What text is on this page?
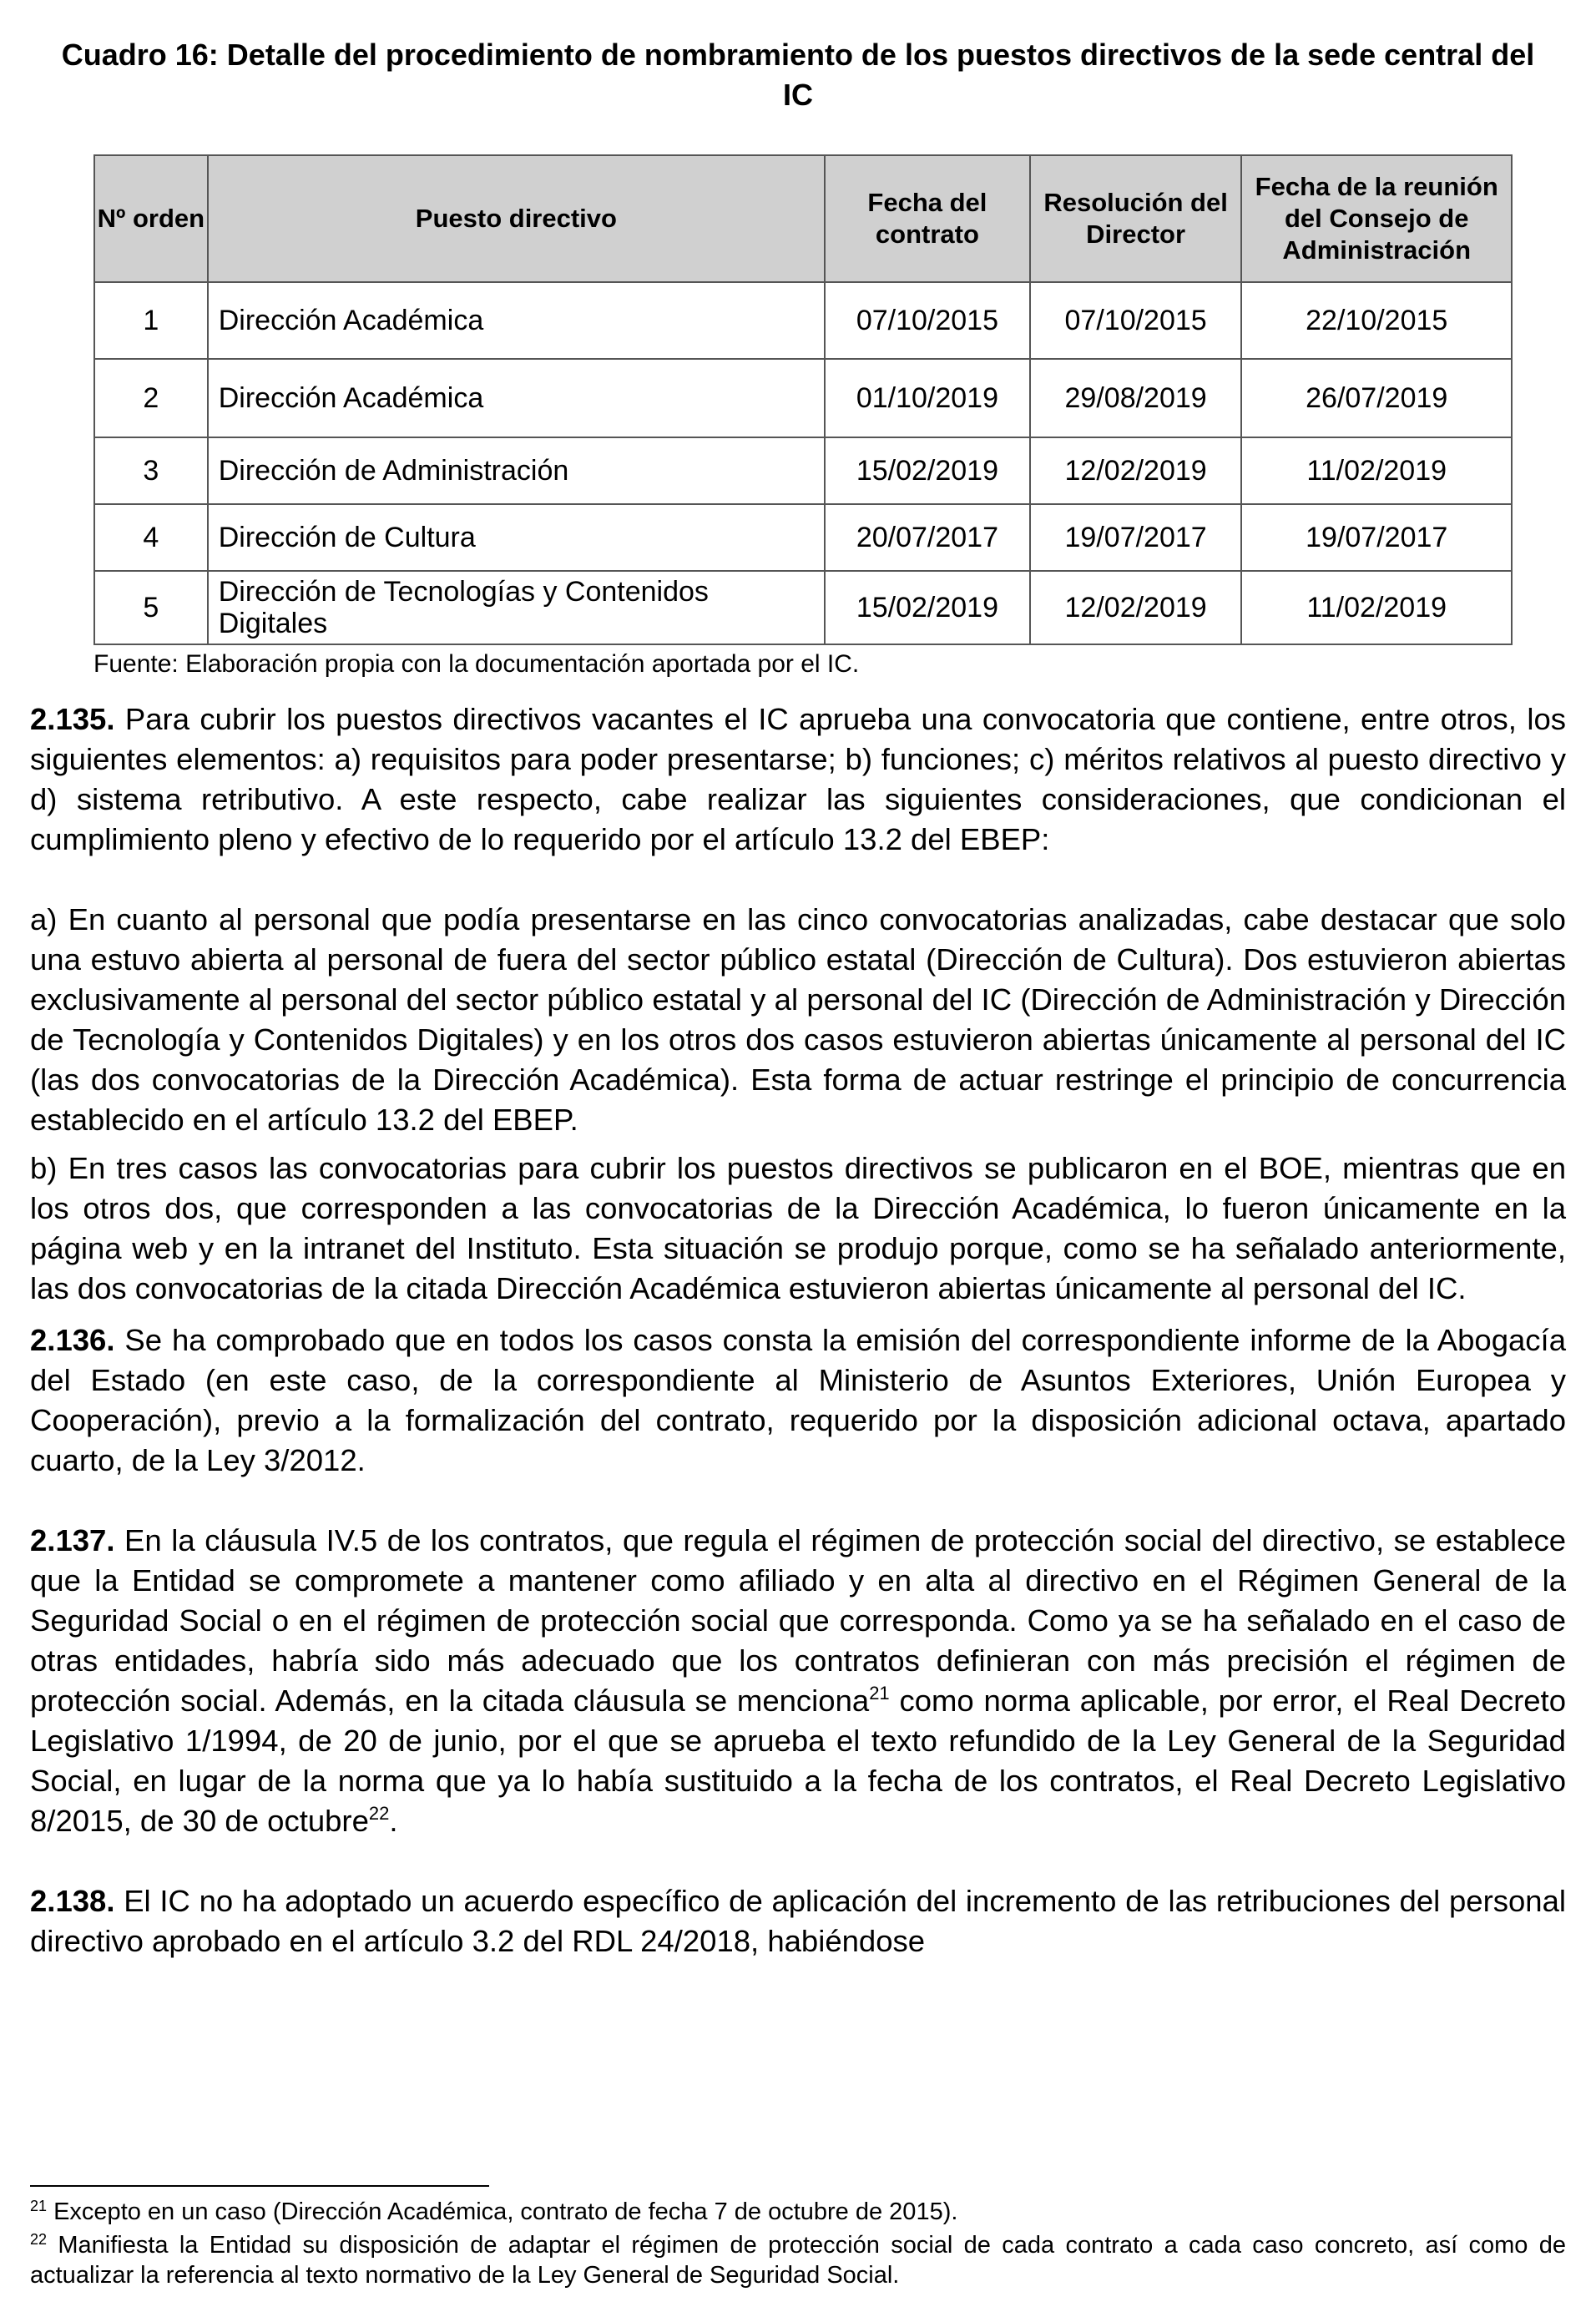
Cuadro 16: Detalle del procedimiento de nombramiento de los puestos directivos de la sede central del IC
Nº orden	Puesto directivo	Fecha del contrato	Resolución del Director	Fecha de la reunión del Consejo de Administración
1	Dirección Académica	07/10/2015	07/10/2015	22/10/2015
2	Dirección Académica	01/10/2019	29/08/2019	26/07/2019
3	Dirección de Administración	15/02/2019	12/02/2019	11/02/2019
4	Dirección de Cultura	20/07/2017	19/07/2017	19/07/2017
5	Dirección de Tecnologías y Contenidos Digitales	15/02/2019	12/02/2019	11/02/2019
Fuente: Elaboración propia con la documentación aportada por el IC.

2.135. Para cubrir los puestos directivos vacantes el IC aprueba una convocatoria que contiene, entre otros, los siguientes elementos: a) requisitos para poder presentarse; b) funciones; c) méritos relativos al puesto directivo y d) sistema retributivo. A este respecto, cabe realizar las siguientes consideraciones, que condicionan el cumplimiento pleno y efectivo de lo requerido por el artículo 13.2 del EBEP:

a) En cuanto al personal que podía presentarse en las cinco convocatorias analizadas, cabe destacar que solo una estuvo abierta al personal de fuera del sector público estatal (Dirección de Cultura). Dos estuvieron abiertas exclusivamente al personal del sector público estatal y al personal del IC (Dirección de Administración y Dirección de Tecnología y Contenidos Digitales) y en los otros dos casos estuvieron abiertas únicamente al personal del IC (las dos convocatorias de la Dirección Académica). Esta forma de actuar restringe el principio de concurrencia establecido en el artículo 13.2 del EBEP.

b) En tres casos las convocatorias para cubrir los puestos directivos se publicaron en el BOE, mientras que en los otros dos, que corresponden a las convocatorias de la Dirección Académica, lo fueron únicamente en la página web y en la intranet del Instituto. Esta situación se produjo porque, como se ha señalado anteriormente, las dos convocatorias de la citada Dirección Académica estuvieron abiertas únicamente al personal del IC.

2.136. Se ha comprobado que en todos los casos consta la emisión del correspondiente informe de la Abogacía del Estado (en este caso, de la correspondiente al Ministerio de Asuntos Exteriores, Unión Europea y Cooperación), previo a la formalización del contrato, requerido por la disposición adicional octava, apartado cuarto, de la Ley 3/2012.

2.137. En la cláusula IV.5 de los contratos, que regula el régimen de protección social del directivo, se establece que la Entidad se compromete a mantener como afiliado y en alta al directivo en el Régimen General de la Seguridad Social o en el régimen de protección social que corresponda. Como ya se ha señalado en el caso de otras entidades, habría sido más adecuado que los contratos definieran con más precisión el régimen de protección social. Además, en la citada cláusula se menciona$^{21}$ como norma aplicable, por error, el Real Decreto Legislativo 1/1994, de 20 de junio, por el que se aprueba el texto refundido de la Ley General de la Seguridad Social, en lugar de la norma que ya lo había sustituido a la fecha de los contratos, el Real Decreto Legislativo 8/2015, de 30 de octubre$^{22}$.

2.138. El IC no ha adoptado un acuerdo específico de aplicación del incremento de las retribuciones del personal directivo aprobado en el artículo 3.2 del RDL 24/2018, habiéndose

$^{21}$ Excepto en un caso (Dirección Académica, contrato de fecha 7 de octubre de 2015).

$^{22}$ Manifiesta la Entidad su disposición de adaptar el régimen de protección social de cada contrato a cada caso concreto, así como de actualizar la referencia al texto normativo de la Ley General de Seguridad Social.
